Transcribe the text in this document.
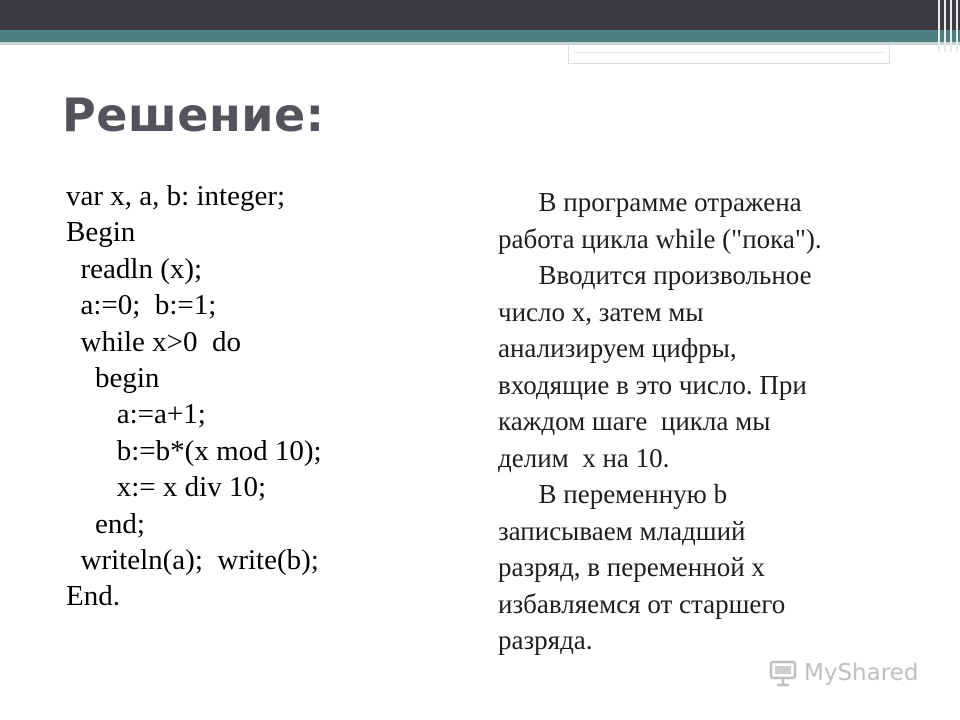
Решение:
var x, a, b: integer;
Begin
readln (x);
a:=0;  b:=1;
while x>0  do
begin
a:=a+1;
b:=b*(x mod 10);
x:= x div 10;
end;
writeln(a);  write(b);
End.
В программе отражена
работа цикла while ("пока").
Вводится произвольное
число x, затем мы
анализируем цифры,
входящие в это число. При
каждом шаге  цикла мы
делим  x на 10.
В переменную b
записываем младший
разряд, в переменной x
избавляемся от старшего
разряда.
MyShared
